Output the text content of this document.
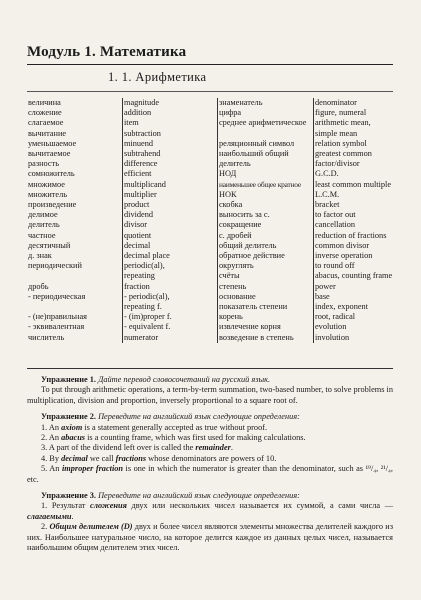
Модуль 1. Математика
1. 1. Арифметика
величина	magnitude	знаменатель	denominator
сложение	addition	цифра	figure, numeral
слагаемое	item	среднее арифметическое	arithmetic mean,
вычитание	subtraction		simple mean
уменьшаемое	minuend	реляционный символ	relation symbol
вычитаемое	subtrahend	наибольший общий	greatest common
разность	difference	делитель	factor/divisor
сомножитель	efficient	НОД	G.C.D.
множимое	multiplicand	наименьшее общее кратное	least common multiple
множитель	multiplier	НОК	L.C.M.
произведение	product	скобка	bracket
делимое	dividend	выносить за с.	to factor out
делитель	divisor	сокращение	cancellation
частное	quotient	с. дробей	reduction of fractions
десятичный	decimal	общий делитель	common divisor
д. знак	decimal place	обратное действие	inverse operation
периодический	periodic(al),	округлять	to round off
	repeating	счёты	abacus, counting frame
дробь	fraction	степень	power
- периодическая	- periodic(al),	основание	base
	repeating f.	показатель степени	index, exponent
- (не)правильная	- (im)proper f.	корень	root, radical
- эквивалентная	- equivalent f.	извлечение корня	evolution
числитель	numerator	возведение в степень	involution

Упражнение 1. Дайте перевод словосочетаний на русский язык.

To put through arithmetic operations, a term-by-term summation, two-based number, to solve problems in multiplication, division and proportion, inversely proportional to a square root of.

Упражнение 2. Переведите на английский язык следующие определения:

1. An axiom is a statement generally accepted as true without proof.

2. An abacus is a counting frame, which was first used for making calculations.

3. A part of the dividend left over is called the remainder.

4. By decimal we call fractions whose denominators are powers of 10.

5. An improper fraction is one in which the numerator is greater than the denominator, such as ¹⁹/₄, ²¹/₄, etc.

Упражнение 3. Переведите на английский язык следующие определения:

1. Результат сложения двух или нескольких чисел называется их суммой, а сами числа — слагаемыми.

2. Общим делителем (D) двух и более чисел являются элементы множества делителей каждого из них. Наибольшее натуральное число, на которое делится каждое из данных целых чисел, называется наибольшим общим делителем этих чисел.
